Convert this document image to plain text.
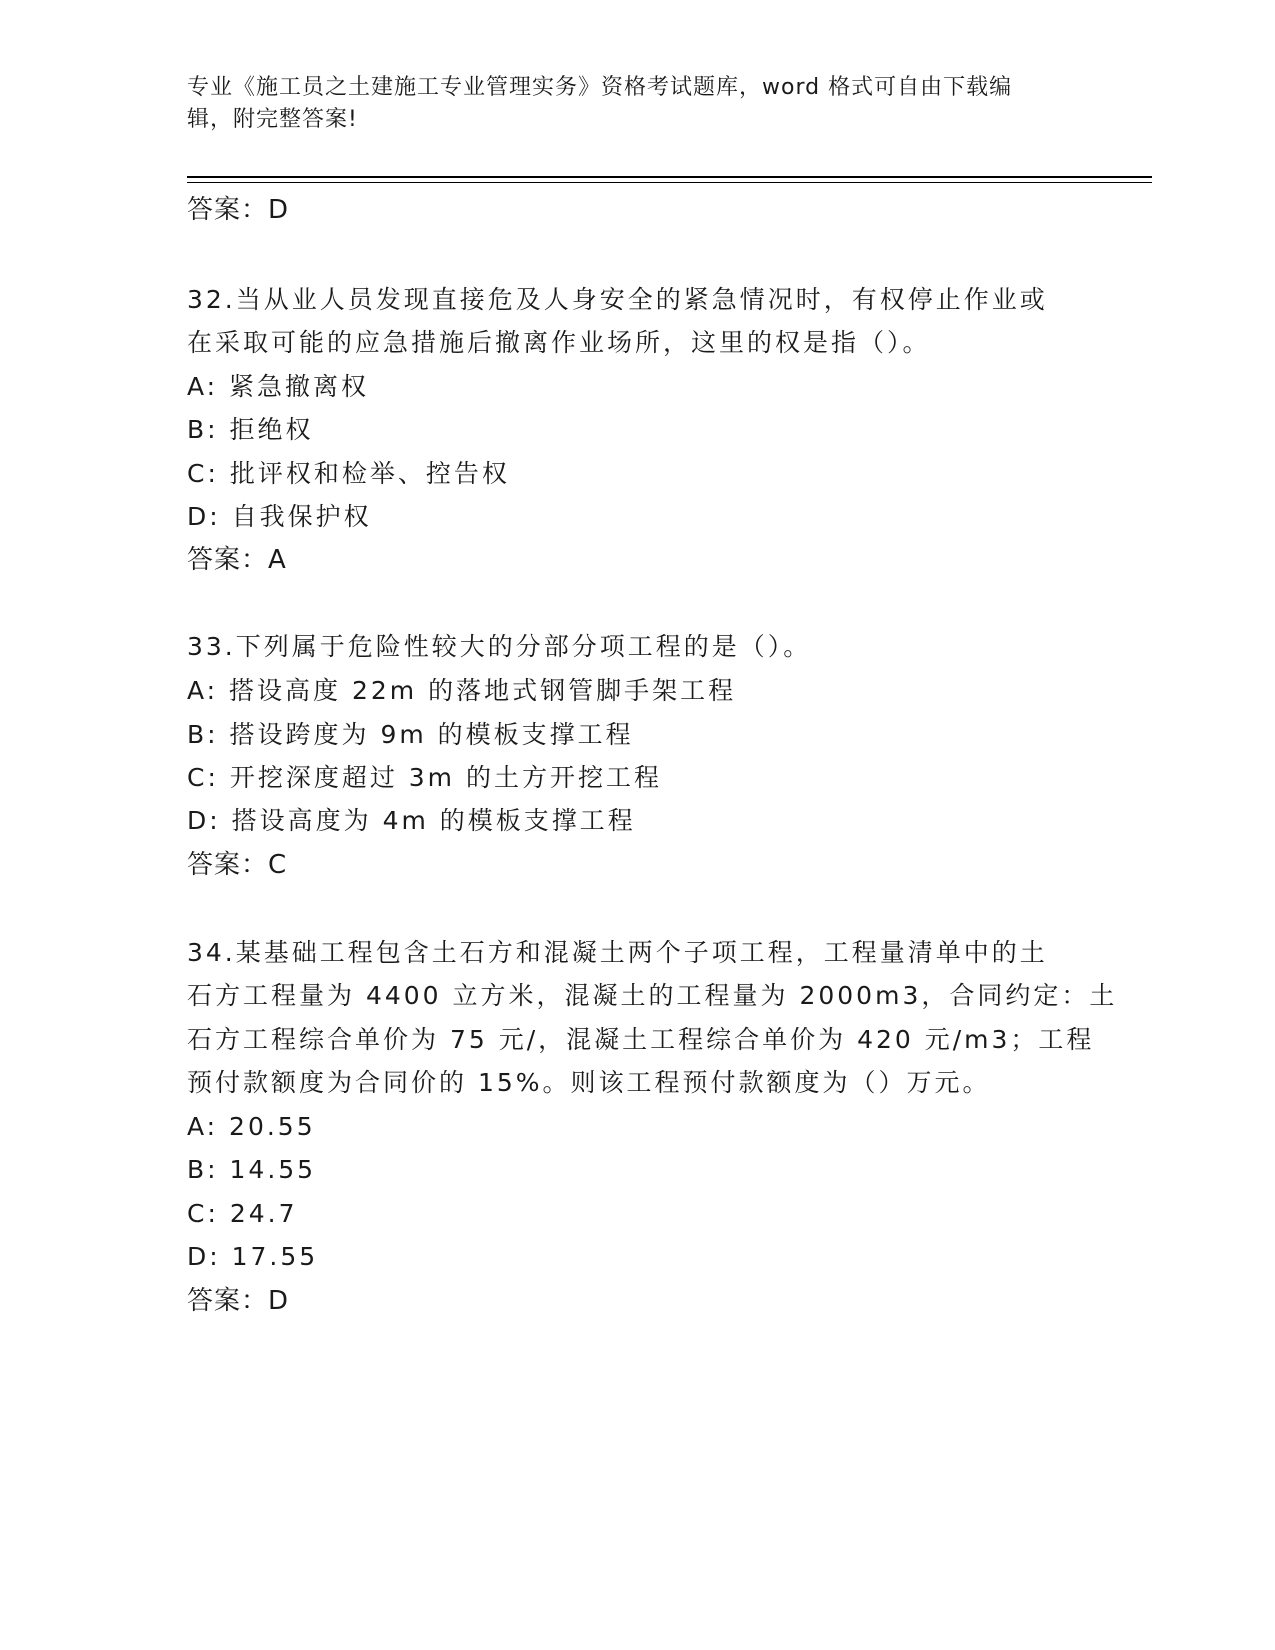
专业《施工员之土建施工专业管理实务》资格考试题库，word 格式可自由下载编
辑，附完整答案!
答案：D
32.当从业人员发现直接危及人身安全的紧急情况时，有权停止作业或
在采取可能的应急措施后撤离作业场所，这里的权是指（）。
A: 紧急撤离权
B: 拒绝权
C: 批评权和检举、控告权
D: 自我保护权
答案：A
33.下列属于危险性较大的分部分项工程的是（）。
A: 搭设高度 22m 的落地式钢管脚手架工程
B: 搭设跨度为 9m 的模板支撑工程
C: 开挖深度超过 3m 的土方开挖工程
D: 搭设高度为 4m 的模板支撑工程
答案：C
34.某基础工程包含土石方和混凝土两个子项工程，工程量清单中的土
石方工程量为 4400 立方米，混凝土的工程量为 2000m3，合同约定：土
石方工程综合单价为 75 元/，混凝土工程综合单价为 420 元/m3；工程
预付款额度为合同价的 15%。则该工程预付款额度为（）万元。
A: 20.55
B: 14.55
C: 24.7
D: 17.55
答案：D
